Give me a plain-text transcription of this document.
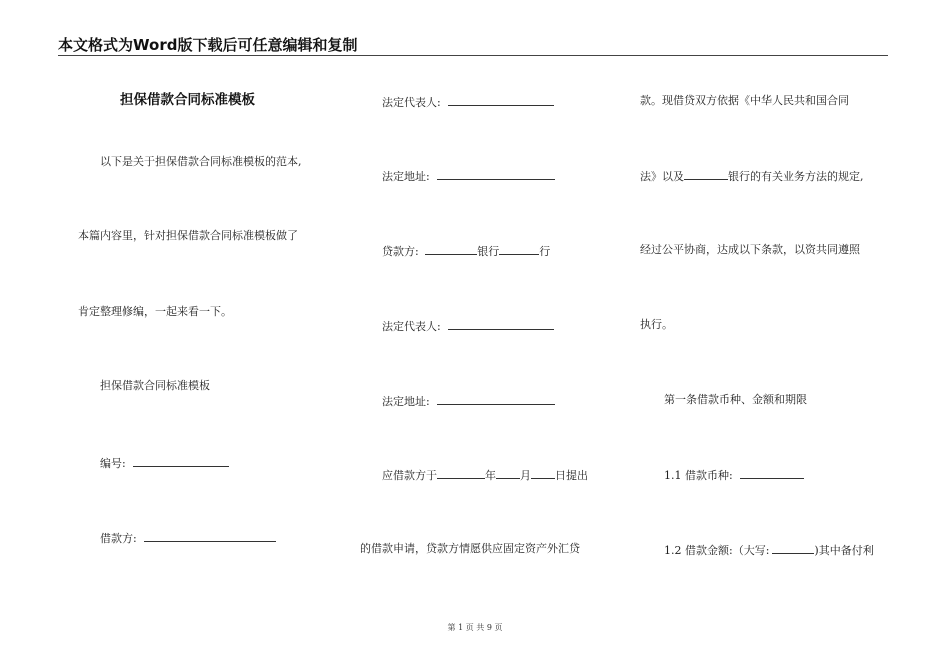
本文格式为Word版下载后可任意编辑和复制
担保借款合同标准模板
以下是关于担保借款合同标准模板的范本,
本篇内容里，针对担保借款合同标准模板做了
肯定整理修编，一起来看一下。
担保借款合同标准模板
编号:
借款方:
法定代表人:
法定地址:
贷款方:	银行	行
法定代表人:
法定地址:
应借款方于	年 月 日提出
的借款申请，贷款方情愿供应固定资产外汇贷
款。现借贷双方依据《中华人民共和国合同
法》以及	银行的有关业务方法的规定,
经过公平协商，达成以下条款，以资共同遵照
执行。
第一条借款币种、金额和期限
1.1 借款币种:
1.2 借款金额:（大写:	)其中备付利
第 1 页 共 9 页
